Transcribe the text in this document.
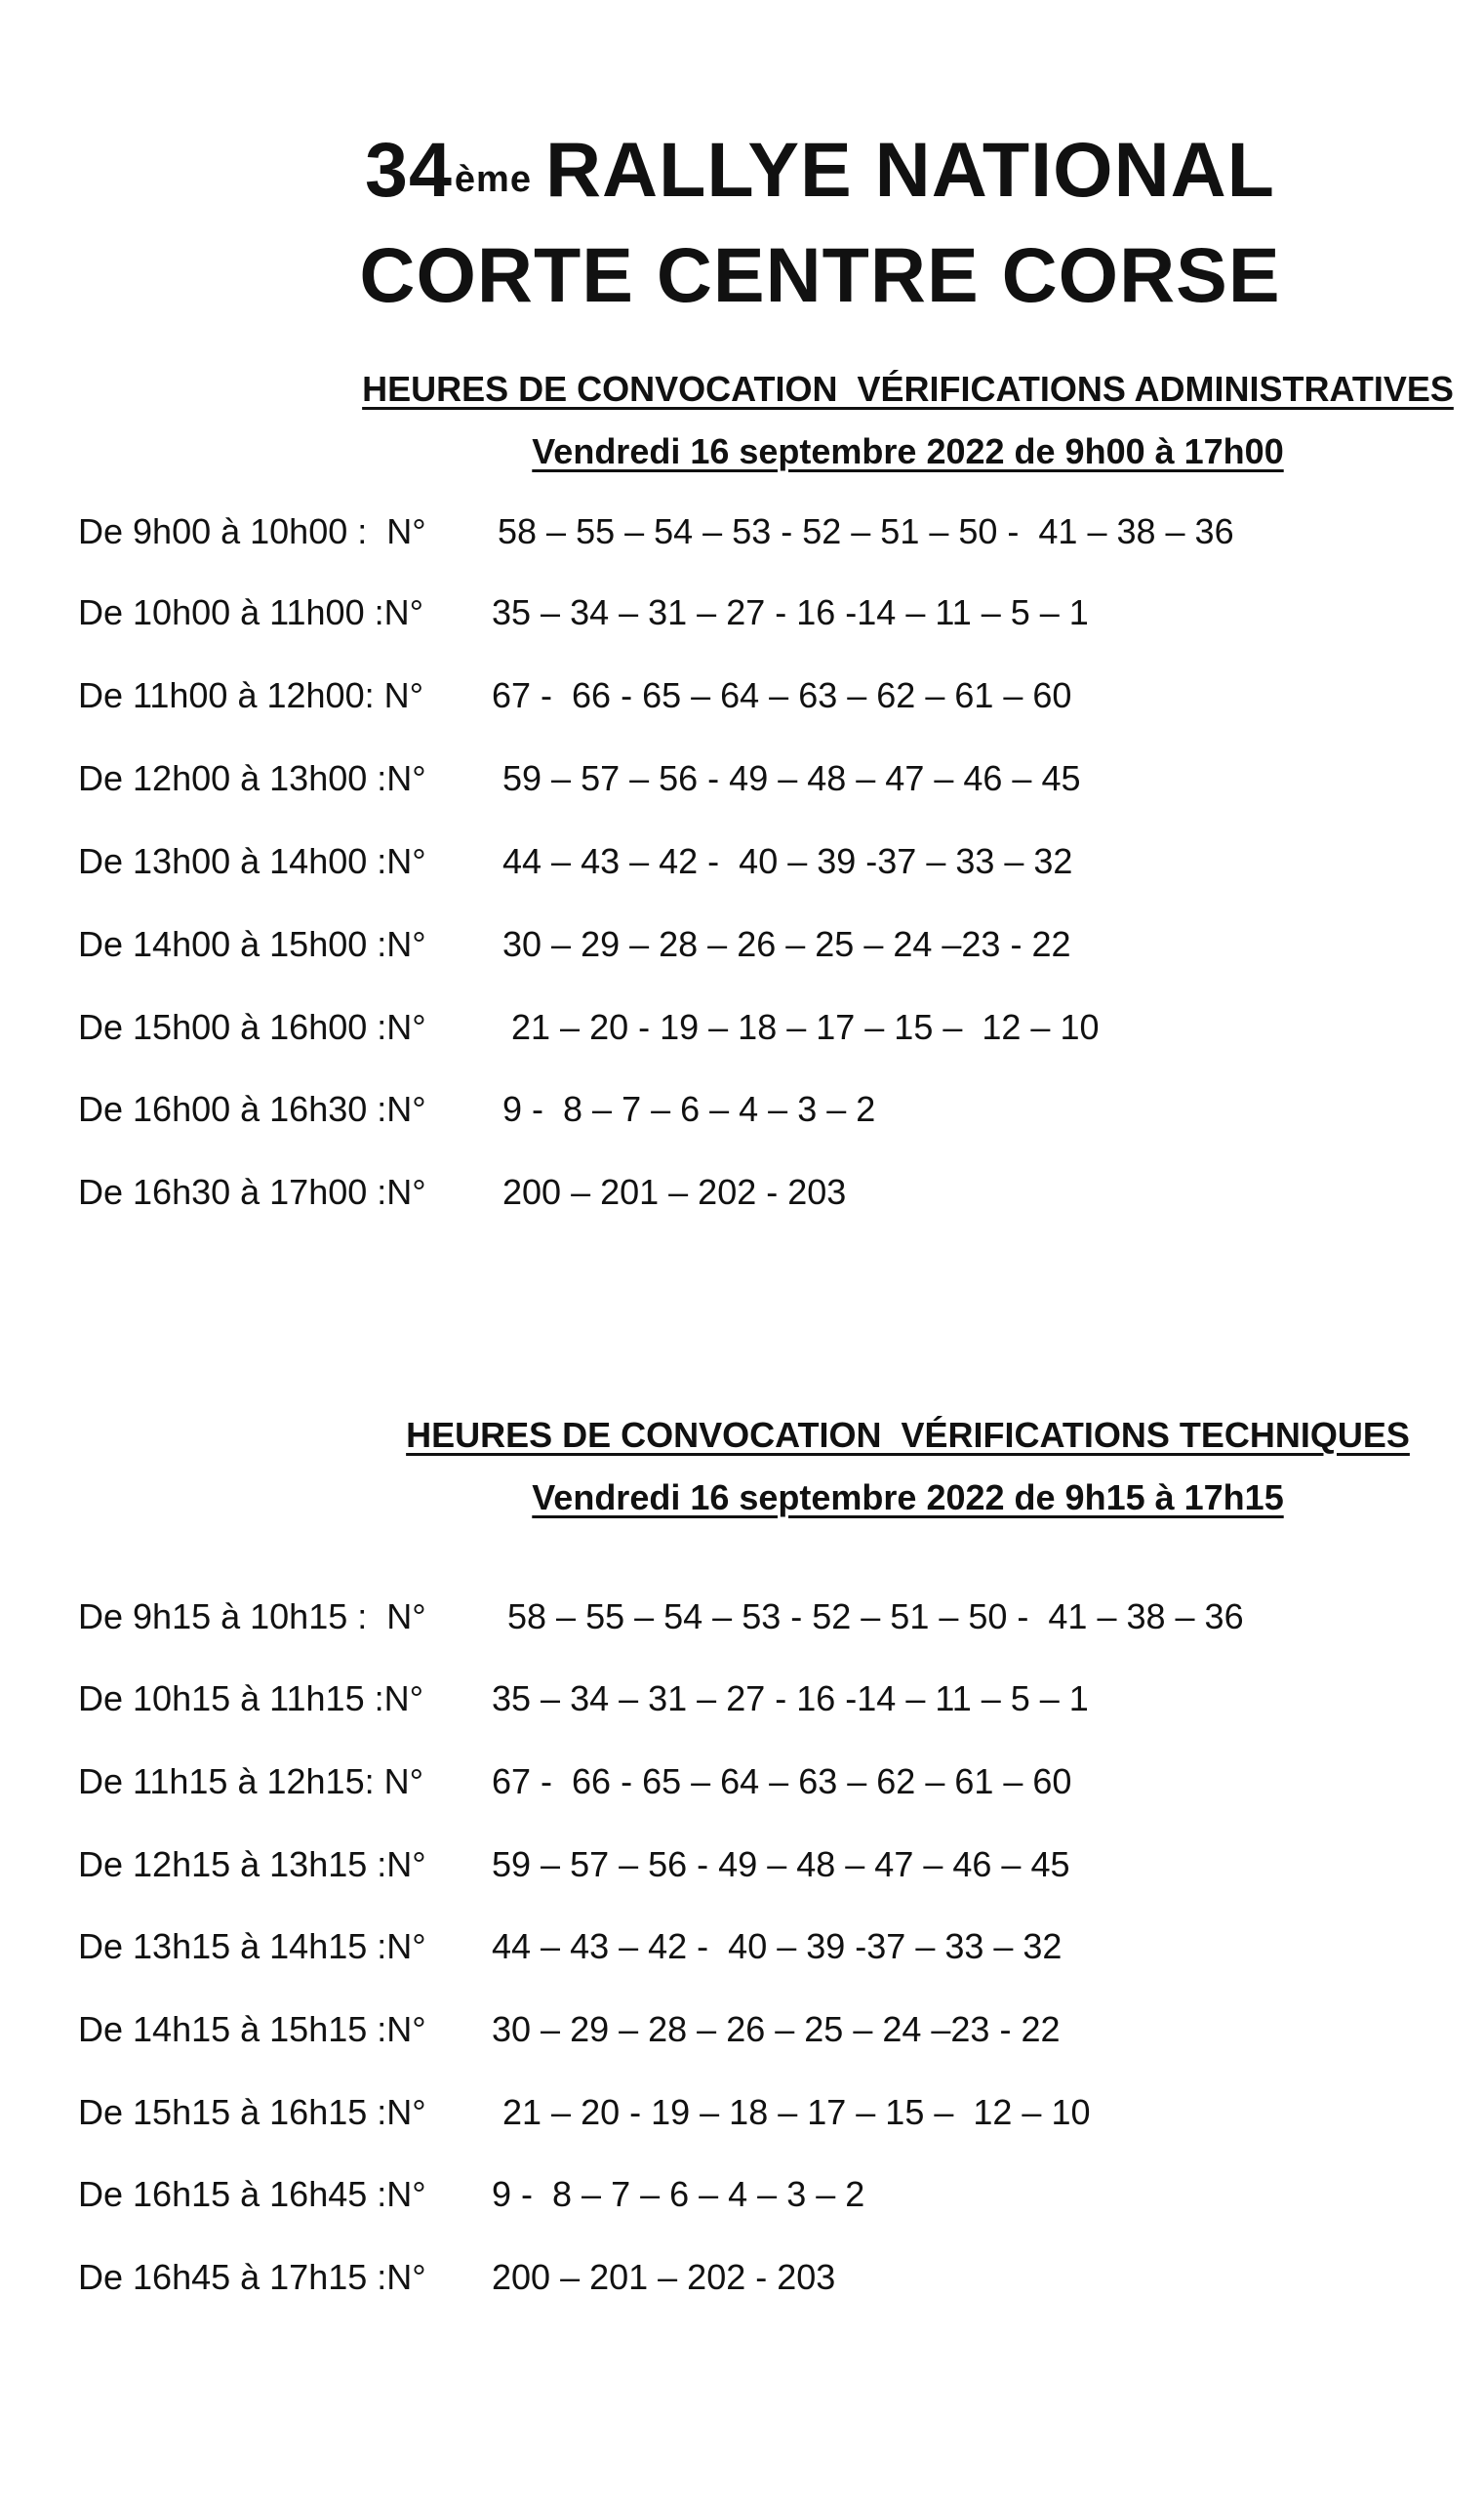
34ème RALLYE NATIONAL
CORTE CENTRE CORSE
HEURES DE CONVOCATION  VÉRIFICATIONS ADMINISTRATIVES
Vendredi 16 septembre 2022 de 9h00 à 17h00
De 9h00 à 10h00 :  N° 58 – 55 – 54 – 53 - 52 – 51 – 50 -  41 – 38 – 36
De 10h00 à 11h00 :N° 35 – 34 – 31 – 27 - 16 -14 – 11 – 5 – 1
De 11h00 à 12h00: N° 67 -  66 - 65 – 64 – 63 – 62 – 61 – 60
De 12h00 à 13h00 :N° 59 – 57 – 56 - 49 – 48 – 47 – 46 – 45
De 13h00 à 14h00 :N° 44 – 43 – 42 -  40 – 39 -37 – 33 – 32
De 14h00 à 15h00 :N° 30 – 29 – 28 – 26 – 25 – 24 –23 - 22
De 15h00 à 16h00 :N° 21 – 20 - 19 – 18 – 17 – 15 –  12 – 10
De 16h00 à 16h30 :N° 9 -  8 – 7 – 6 – 4 – 3 – 2
De 16h30 à 17h00 :N° 200 – 201 – 202 - 203
HEURES DE CONVOCATION  VÉRIFICATIONS TECHNIQUES
Vendredi 16 septembre 2022 de 9h15 à 17h15
De 9h15 à 10h15 :  N° 58 – 55 – 54 – 53 - 52 – 51 – 50 -  41 – 38 – 36
De 10h15 à 11h15 :N° 35 – 34 – 31 – 27 - 16 -14 – 11 – 5 – 1
De 11h15 à 12h15: N° 67 -  66 - 65 – 64 – 63 – 62 – 61 – 60
De 12h15 à 13h15 :N° 59 – 57 – 56 - 49 – 48 – 47 – 46 – 45
De 13h15 à 14h15 :N° 44 – 43 – 42 -  40 – 39 -37 – 33 – 32
De 14h15 à 15h15 :N° 30 – 29 – 28 – 26 – 25 – 24 –23 - 22
De 15h15 à 16h15 :N° 21 – 20 - 19 – 18 – 17 – 15 –  12 – 10
De 16h15 à 16h45 :N° 9 -  8 – 7 – 6 – 4 – 3 – 2
De 16h45 à 17h15 :N° 200 – 201 – 202 - 203
